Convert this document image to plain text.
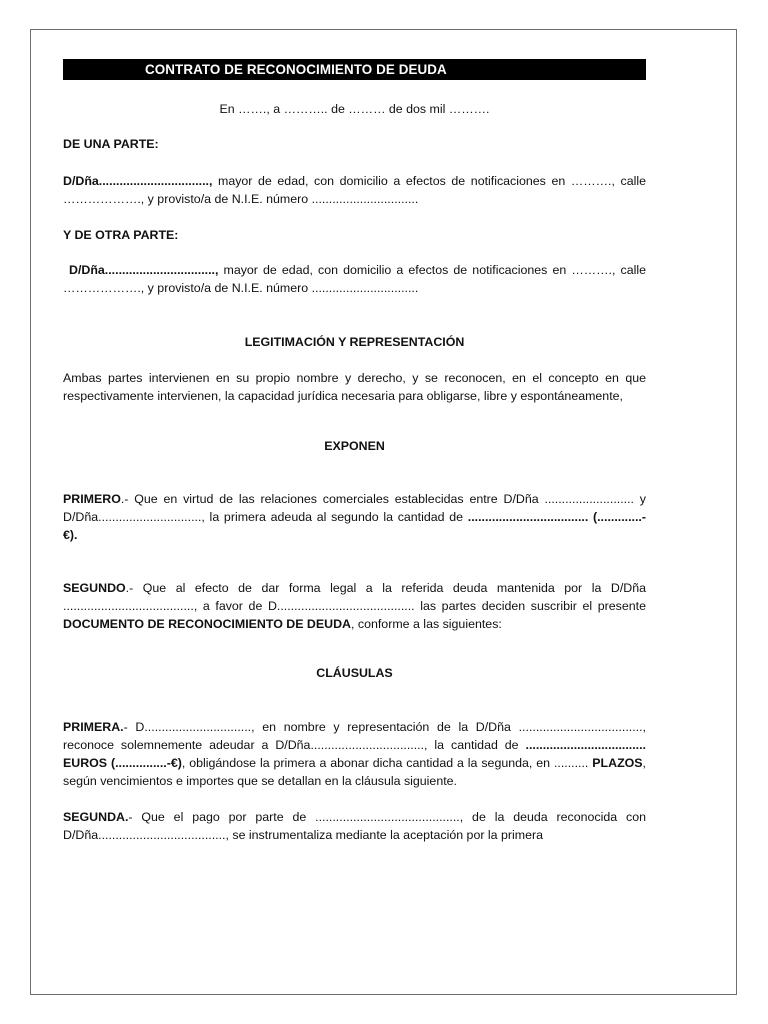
CONTRATO DE RECONOCIMIENTO DE DEUDA

En ……., a ……….. de ……… de dos mil ……….

DE UNA PARTE:

D/Dña................................, mayor de edad, con domicilio a efectos de notificaciones en ………., calle ………………., y provisto/a de N.I.E. número ...............................

Y DE OTRA PARTE:

D/Dña................................, mayor de edad, con domicilio a efectos de notificaciones en ………., calle ………………., y provisto/a de N.I.E. número ...............................

LEGITIMACIÓN Y REPRESENTACIÓN

Ambas partes intervienen en su propio nombre y derecho, y se reconocen, en el concepto en que respectivamente intervienen, la capacidad jurídica necesaria para obligarse, libre y espontáneamente,

EXPONEN

PRIMERO.- Que en virtud de las relaciones comerciales establecidas entre D/Dña .......................... y D/Dña.............................., la primera adeuda al segundo la cantidad de ................................... (.............-€).

SEGUNDO.- Que al efecto de dar forma legal a la referida deuda mantenida por la D/Dña ......................................, a favor de D........................................ las partes deciden suscribir el presente DOCUMENTO DE RECONOCIMIENTO DE DEUDA, conforme a las siguientes:

CLÁUSULAS

PRIMERA.- D..............................., en nombre y representación de la D/Dña ...................................., reconoce solemnemente adeudar a D/Dña................................., la cantidad de ................................... EUROS (...............-€), obligándose la primera a abonar dicha cantidad a la segunda, en .......... PLAZOS, según vencimientos e importes que se detallan en la cláusula siguiente.

SEGUNDA.- Que el pago por parte de .........................................., de la deuda reconocida con D/Dña....................................., se instrumentaliza mediante la aceptación por la primera
